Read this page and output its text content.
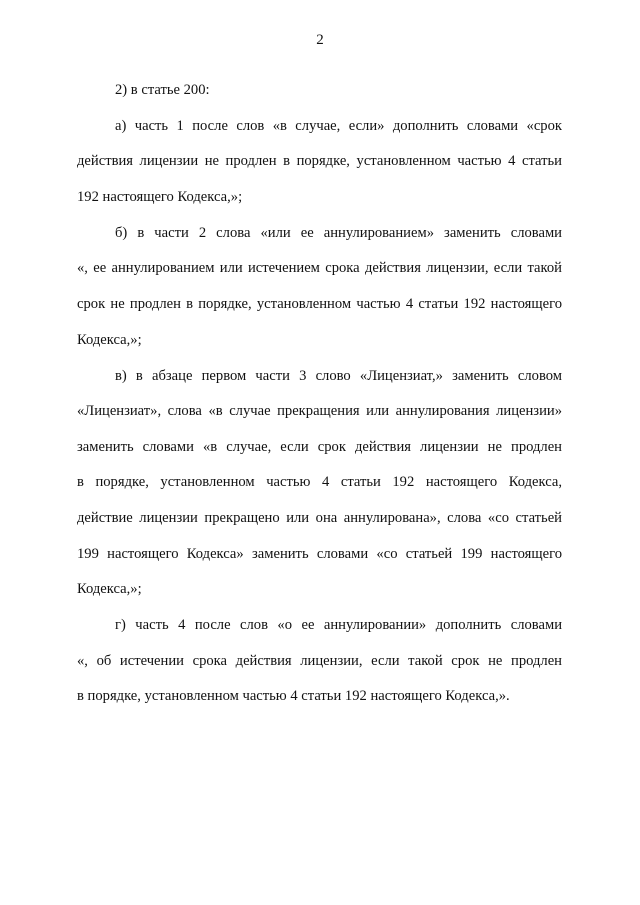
2
2) в статье 200:
а) часть 1 после слов «в случае, если» дополнить словами «срок
действия лицензии не продлен в порядке, установленном частью 4 статьи
192 настоящего Кодекса,»;
б) в части 2 слова «или ее аннулированием» заменить словами
«, ее аннулированием или истечением срока действия лицензии, если такой
срок не продлен в порядке, установленном частью 4 статьи 192 настоящего
Кодекса,»;
в) в абзаце первом части 3 слово «Лицензиат,» заменить словом
«Лицензиат», слова «в случае прекращения или аннулирования лицензии»
заменить словами «в случае, если срок действия лицензии не продлен
в порядке, установленном частью 4 статьи 192 настоящего Кодекса,
действие лицензии прекращено или она аннулирована», слова «со статьей
199 настоящего Кодекса» заменить словами «со статьей 199 настоящего
Кодекса,»;
г) часть 4 после слов «о ее аннулировании» дополнить словами
«, об истечении срока действия лицензии, если такой срок не продлен
в порядке, установленном частью 4 статьи 192 настоящего Кодекса,».
